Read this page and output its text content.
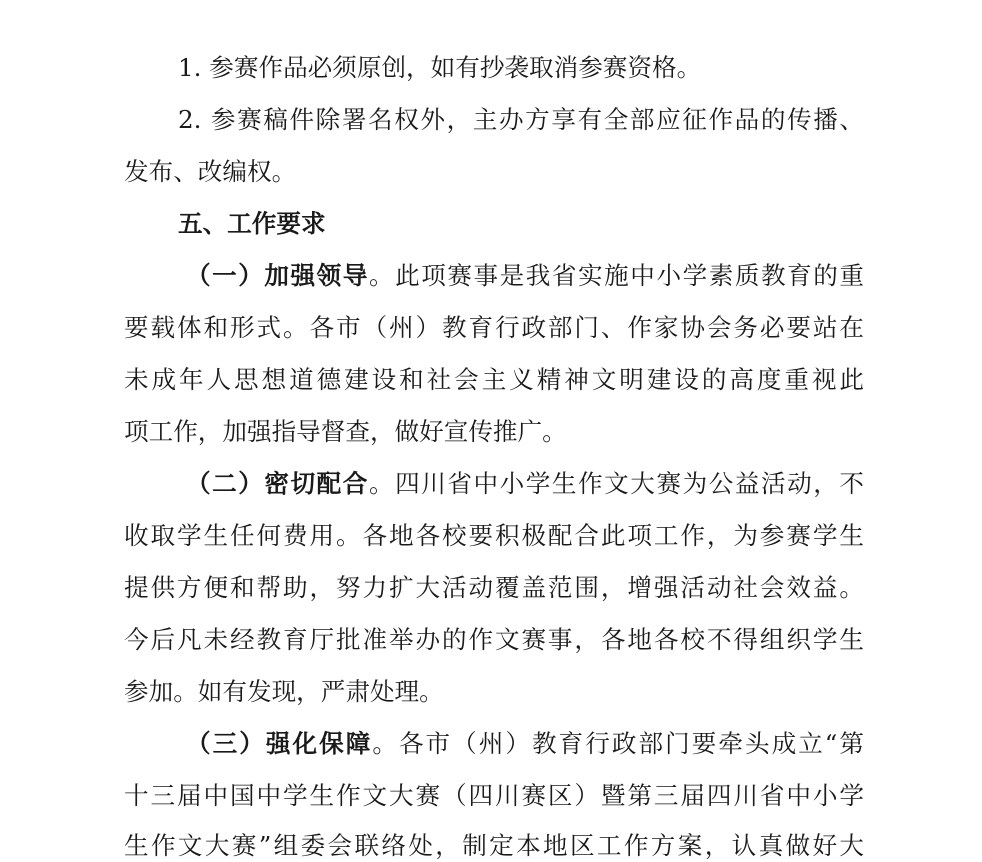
1. 参赛作品必须原创，如有抄袭取消参赛资格。

2. 参赛稿件除署名权外，主办方享有全部应征作品的传播、

发布、改编权。

五、工作要求

（一）加强领导。此项赛事是我省实施中小学素质教育的重

要载体和形式。各市（州）教育行政部门、作家协会务必要站在

未成年人思想道德建设和社会主义精神文明建设的高度重视此

项工作，加强指导督查，做好宣传推广。

（二）密切配合。四川省中小学生作文大赛为公益活动，不

收取学生任何费用。各地各校要积极配合此项工作，为参赛学生

提供方便和帮助，努力扩大活动覆盖范围，增强活动社会效益。

今后凡未经教育厅批准举办的作文赛事，各地各校不得组织学生

参加。如有发现，严肃处理。

（三）强化保障。各市（州）教育行政部门要牵头成立“第

十三届中国中学生作文大赛（四川赛区）暨第三届四川省中小学

生作文大赛”组委会联络处，制定本地区工作方案，认真做好大
